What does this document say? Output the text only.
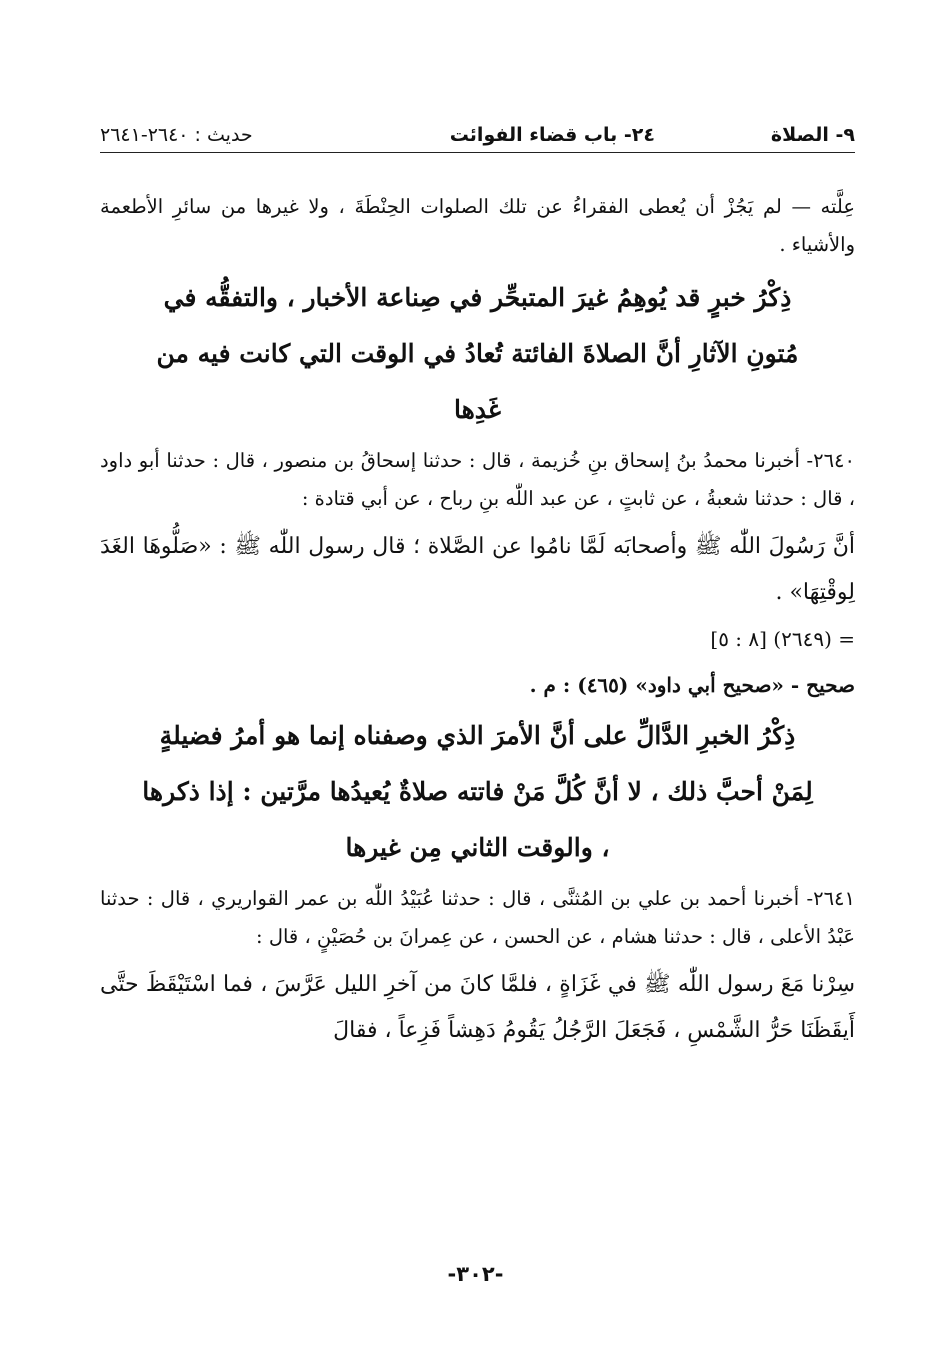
٩- الصلاة
٢٤- باب قضاء الفوائت
حديث : ٢٦٤٠-٢٦٤١

عِلَّته — لم يَجُزْ أن يُعطى الفقراءُ عن تلك الصلوات الحِنْطَةَ ، ولا غيرها من سائرِ الأطعمة والأشياء .

ذِكْرُ خبرٍ قد يُوهِمُ غيرَ المتبحِّر في صِناعة الأخبار ، والتفقُّه في مُتونِ الآثارِ أنَّ الصلاةَ الفائتة تُعادُ في الوقت التي كانت فيه من غَدِها

٢٦٤٠- أخبرنا محمدُ بنُ إسحاق بنِ خُزيمة ، قال : حدثنا إسحاقُ بن منصور ، قال : حدثنا أبو داود ، قال : حدثنا شعبةُ ، عن ثابتٍ ، عن عبد اللّٰه بنِ رباح ، عن أبي قتادة :

أنَّ رَسُولَ اللّٰه ﷺ وأصحابَه لَمَّا نامُوا عن الصَّلاة ؛ قال رسول اللّٰه ﷺ : «صَلُّوهَا الغَدَ لِوقْتِهَا» .

= (٢٦٤٩) [٨ : ٥]

صحيح - «صحيح أبي داود» (٤٦٥) : م .

ذِكْرُ الخبرِ الدَّالِّ على أنَّ الأمرَ الذي وصفناه إنما هو أمرُ فضيلةٍ لِمَنْ أحبَّ ذلك ، لا أنَّ كُلَّ مَنْ فاتته صلاةٌ يُعيدُها مرَّتين : إذا ذكرها ، والوقت الثاني مِن غيرها

٢٦٤١- أخبرنا أحمد بن علي بن المُثنَّى ، قال : حدثنا عُبَيْدُ اللّٰه بن عمر القواريري ، قال : حدثنا عَبْدُ الأعلى ، قال : حدثنا هشام ، عن الحسن ، عن عِمرانَ بن حُصَيْنٍ ، قال :

سِرْنا مَعَ رسول اللّٰه ﷺ في غَزَاةٍ ، فلمَّا كانَ من آخرِ الليل عَرَّسَ ، فما اسْتَيْقَظَ حتَّى أَيقَظَنَا حَرُّ الشَّمْسِ ، فَجَعَلَ الرَّجُلُ يَقُومُ دَهِشاً فَزِعاً ، فقالَ

-٣٠٢-
